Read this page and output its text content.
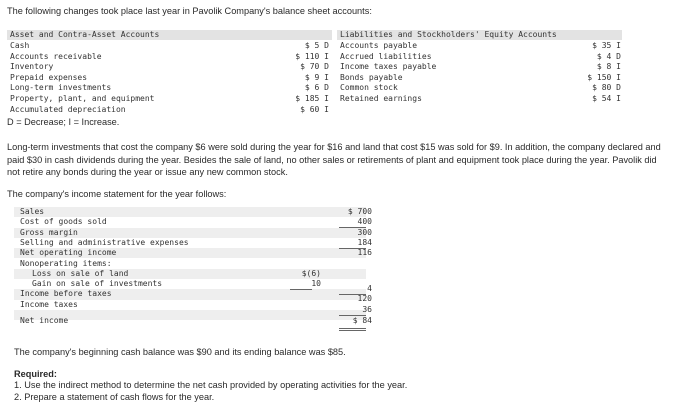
The following changes took place last year in Pavolik Company's balance sheet accounts:
Asset and Contra-Asset Accounts	Liabilities and Stockholders' Equity Accounts
Cash
Accounts receivable
Inventory
Prepaid expenses
Long-term investments
Property, plant, and equipment
Accumulated depreciation
$ 5 D
$ 110 I
$ 70 D
$ 9 I
$ 6 D
$ 185 I
$ 60 I
Accounts payable
Accrued liabilities
Income taxes payable
Bonds payable
Common stock
Retained earnings
$ 35 I
$ 4 D
$ 8 I
$ 150 I
$ 80 D
$ 54 I
D = Decrease; I = Increase.
Long-term investments that cost the company $6 were sold during the year for $16 and land that cost $15 was sold for $9. In addition, the company declared and paid $30 in cash dividends during the year. Besides the sale of land, no other sales or retirements of plant and equipment took place during the year. Pavolik did not retire any bonds during the year or issue any new common stock.
The company's income statement for the year follows:
Sales
Cost of goods sold
Gross margin
Selling and administrative expenses
Net operating income
Nonoperating items:
Loss on sale of land
Gain on sale of investments
Income before taxes
Income taxes
Net income
$(6)
10
$ 700
400
300
184
116
4
120
36
$ 84
The company's beginning cash balance was $90 and its ending balance was $85.
Required:
1. Use the indirect method to determine the net cash provided by operating activities for the year.
2. Prepare a statement of cash flows for the year.
